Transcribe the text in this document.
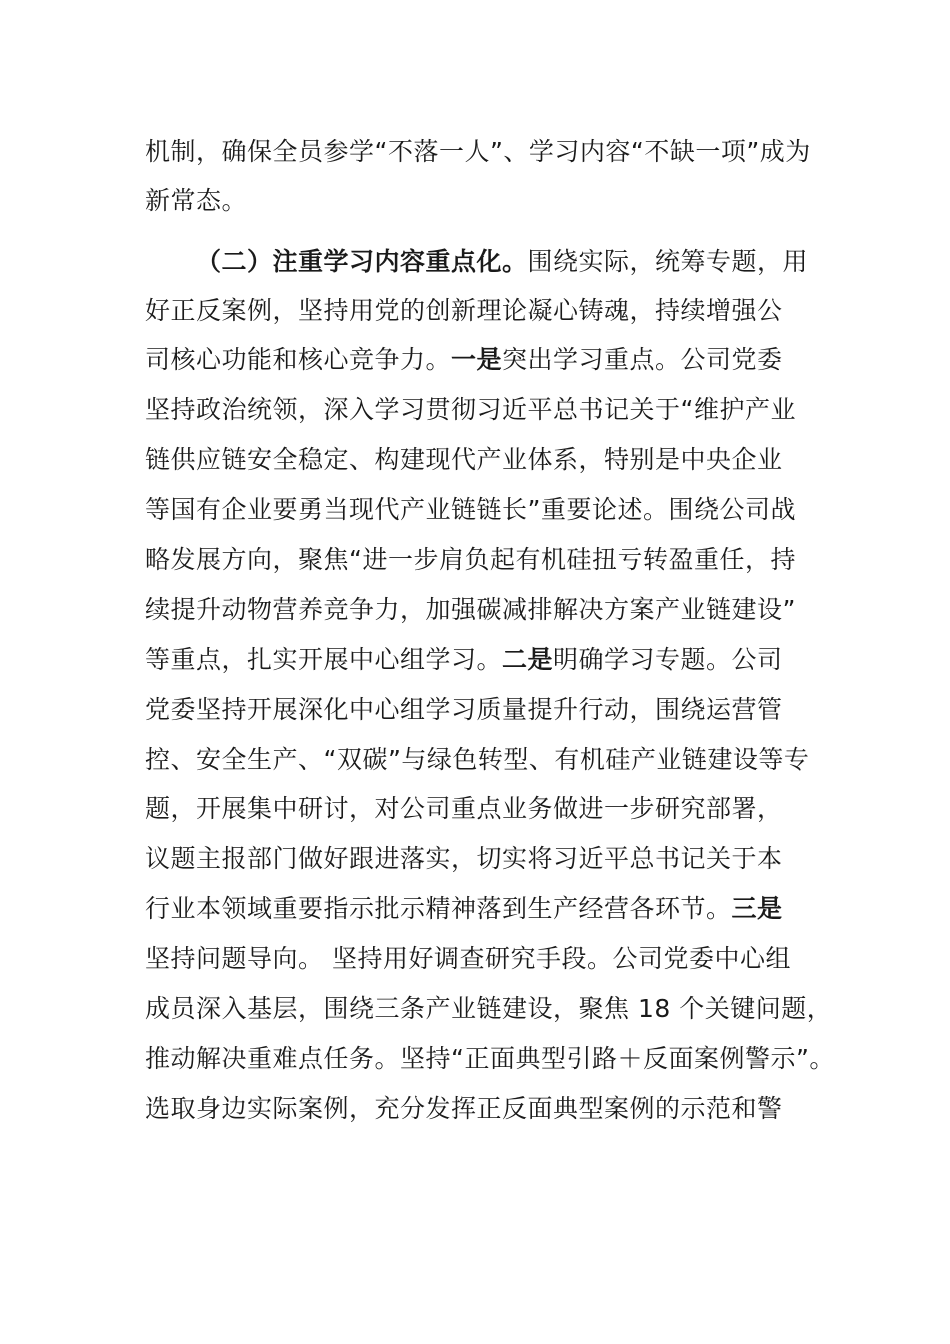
机制，确保全员参学“不落一人”、学习内容“不缺一项”成为
新常态。
（二）注重学习内容重点化。围绕实际，统筹专题，用
好正反案例，坚持用党的创新理论凝心铸魂，持续增强公
司核心功能和核心竞争力。一是突出学习重点。公司党委
坚持政治统领，深入学习贯彻习近平总书记关于“维护产业
链供应链安全稳定、构建现代产业体系，特别是中央企业
等国有企业要勇当现代产业链链长”重要论述。围绕公司战
略发展方向，聚焦“进一步肩负起有机硅扭亏转盈重任，持
续提升动物营养竞争力，加强碳减排解决方案产业链建设”
等重点，扎实开展中心组学习。二是明确学习专题。公司
党委坚持开展深化中心组学习质量提升行动，围绕运营管
控、安全生产、“双碳”与绿色转型、有机硅产业链建设等专
题，开展集中研讨，对公司重点业务做进一步研究部署，
议题主报部门做好跟进落实，切实将习近平总书记关于本
行业本领域重要指示批示精神落到生产经营各环节。三是
坚持问题导向。 坚持用好调查研究手段。公司党委中心组
成员深入基层，围绕三条产业链建设，聚焦 18 个关键问题，
推动解决重难点任务。坚持“正面典型引路＋反面案例警示”。
选取身边实际案例，充分发挥正反面典型案例的示范和警
